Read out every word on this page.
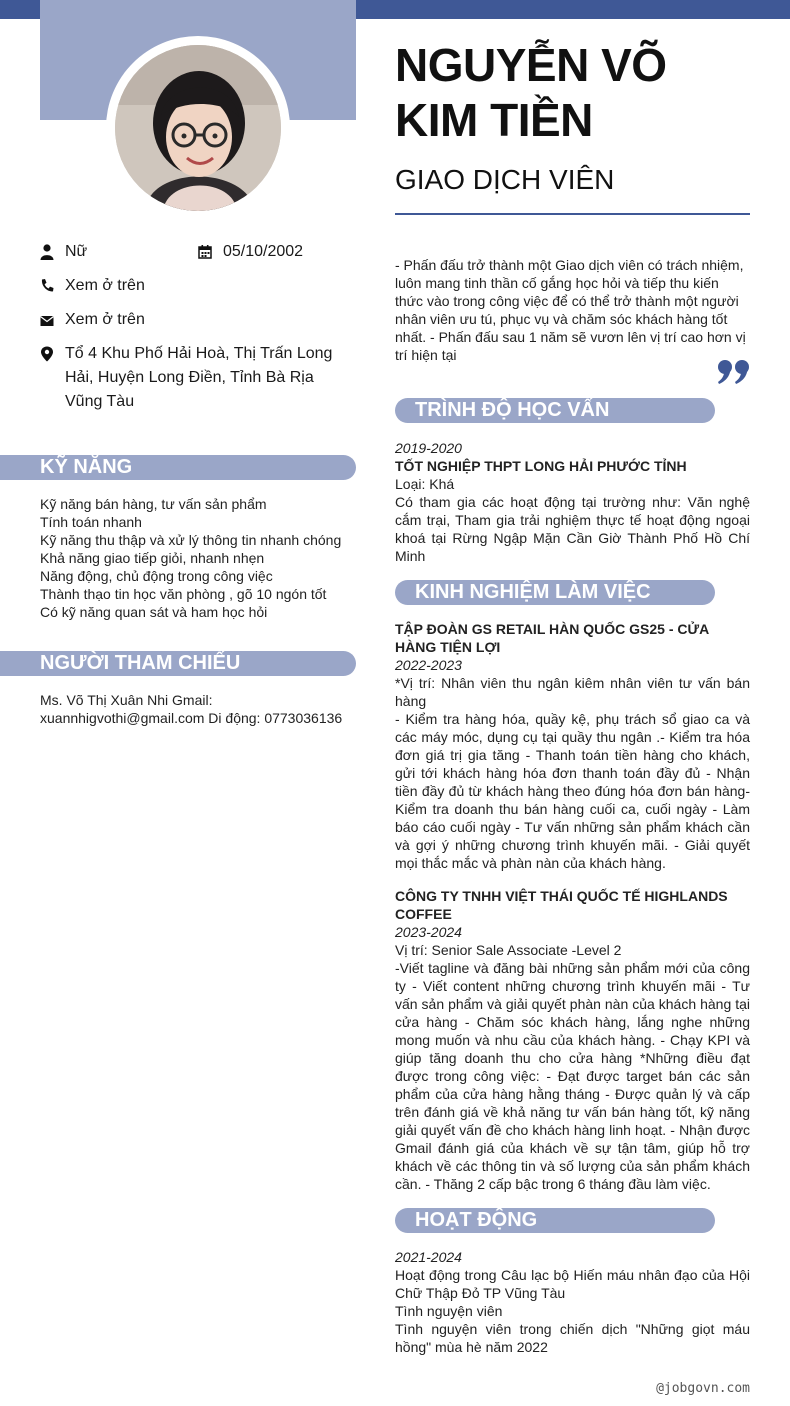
NGUYỄN VÕ
KIM TIỀN
GIAO DỊCH VIÊN
Nữ	05/10/2002
Xem ở trên
Xem ở trên
Tổ 4 Khu Phố Hải Hoà, Thị Trấn Long Hải, Huyện Long Điền, Tỉnh Bà Rịa Vũng Tàu
- Phấn đấu trở thành một Giao dịch viên có trách nhiệm, luôn mang tinh thần cố gắng học hỏi và tiếp thu kiến thức vào trong công việc để có thể trở thành một người nhân viên ưu tú, phục vụ và chăm sóc khách hàng tốt nhất. - Phấn đấu sau 1 năm sẽ vươn lên vị trí cao hơn vị trí hiện tại
KỸ NĂNG
Kỹ năng bán hàng, tư vấn sản phẩm
Tính toán nhanh
Kỹ năng thu thập và xử lý thông tin nhanh chóng
Khả năng giao tiếp giỏi, nhanh nhẹn
Năng động, chủ động trong công việc
Thành thạo tin học văn phòng , gõ 10 ngón tốt
Có kỹ năng quan sát và ham học hỏi
NGƯỜI THAM CHIẾU
Ms. Võ Thị Xuân Nhi Gmail:
xuannhigvothi@gmail.com Di động: 0773036136
TRÌNH ĐỘ HỌC VẤN
2019-2020
TỐT NGHIỆP THPT LONG HẢI PHƯỚC TỈNH
Loại: Khá
Có tham gia các hoạt động tại trường như: Văn nghệ cắm trại, Tham gia trải nghiệm thực tế hoạt động ngoại khoá tại Rừng Ngập Mặn Cần Giờ Thành Phố Hồ Chí Minh
KINH NGHIỆM LÀM VIỆC
TẬP ĐOÀN GS RETAIL HÀN QUỐC GS25 - CỬA HÀNG TIỆN LỢI
2022-2023
*Vị trí: Nhân viên thu ngân kiêm nhân viên tư vấn bán hàng
- Kiểm tra hàng hóa, quầy kệ, phụ trách sổ giao ca và các máy móc, dụng cụ tại quầy thu ngân .- Kiểm tra hóa đơn giá trị gia tăng - Thanh toán tiền hàng cho khách, gửi tới khách hàng hóa đơn thanh toán đầy đủ - Nhận tiền đầy đủ từ khách hàng theo đúng hóa đơn bán hàng- Kiểm tra doanh thu bán hàng cuối ca, cuối ngày - Làm báo cáo cuối ngày - Tư vấn những sản phẩm khách cần và gợi ý những chương trình khuyến mãi. - Giải quyết mọi thắc mắc và phàn nàn của khách hàng.
CÔNG TY TNHH VIỆT THÁI QUỐC TẾ HIGHLANDS COFFEE
2023-2024
Vị trí: Senior Sale Associate -Level 2
-Viết tagline và đăng bài những sản phẩm mới của công ty - Viết content những chương trình khuyến mãi - Tư vấn sản phẩm và giải quyết phàn nàn của khách hàng tại cửa hàng - Chăm sóc khách hàng, lắng nghe những mong muốn và nhu cầu của khách hàng. - Chạy KPI và giúp tăng doanh thu cho cửa hàng *Những điều đạt được trong công việc: - Đạt được target bán các sản phẩm của cửa hàng hằng tháng - Được quản lý và cấp trên đánh giá về khả năng tư vấn bán hàng tốt, kỹ năng giải quyết vấn đề cho khách hàng linh hoạt. - Nhận được Gmail đánh giá của khách về sự tận tâm, giúp hỗ trợ khách về các thông tin và số lượng của sản phẩm khách cần. - Thăng 2 cấp bậc trong 6 tháng đầu làm việc.
HOẠT ĐỘNG
2021-2024
Hoạt động trong Câu lạc bộ Hiến máu nhân đạo của Hội Chữ Thập Đỏ TP Vũng Tàu
Tình nguyện viên
Tình nguyện viên trong chiến dịch "Những giọt máu hồng" mùa hè năm 2022
@jobgovn.com
